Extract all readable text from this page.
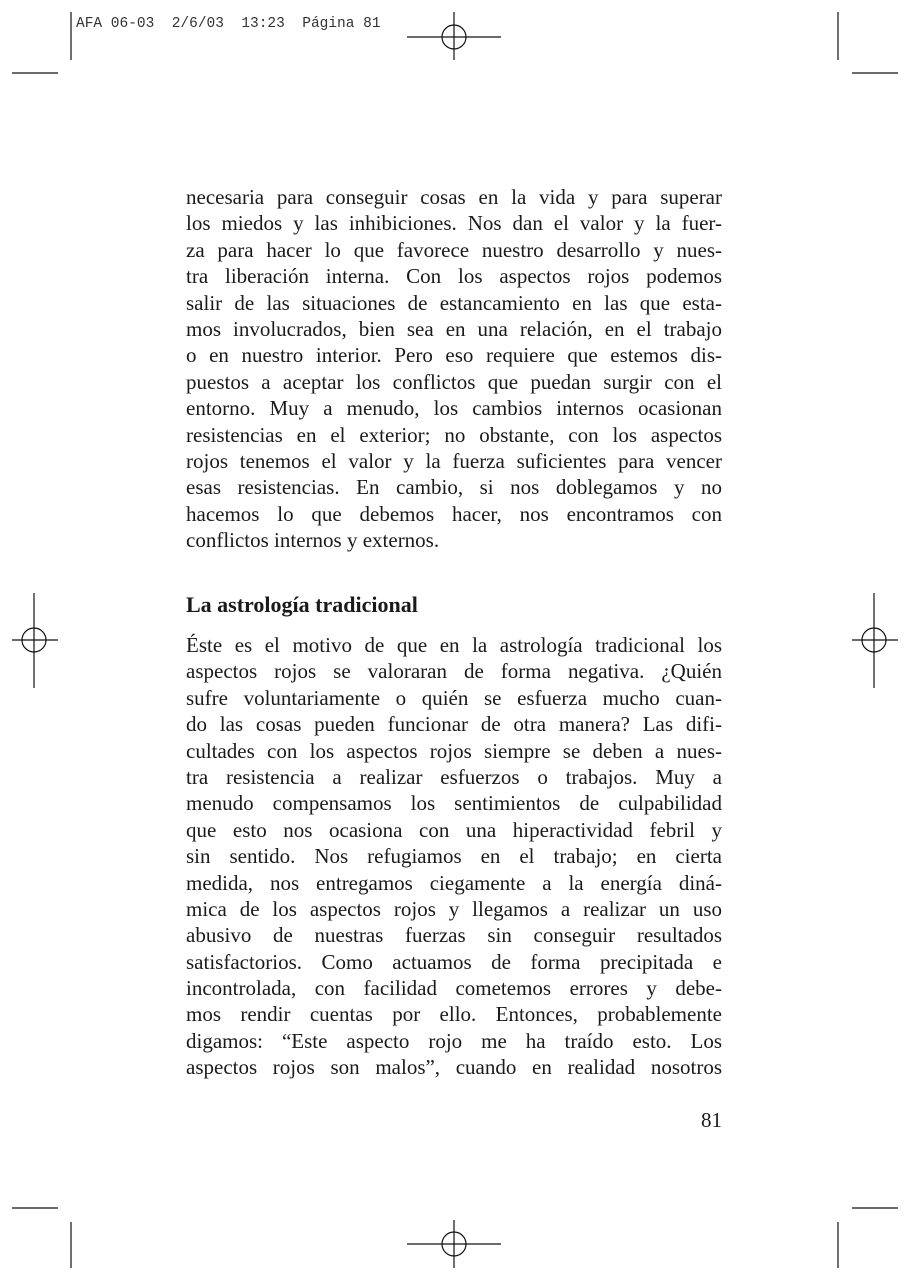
AFA 06-03  2/6/03  13:23  Página 81
necesaria para conseguir cosas en la vida y para superar
los miedos y las inhibiciones. Nos dan el valor y la fuer-
za para hacer lo que favorece nuestro desarrollo y nues-
tra liberación interna. Con los aspectos rojos podemos
salir de las situaciones de estancamiento en las que esta-
mos involucrados, bien sea en una relación, en el trabajo
o en nuestro interior. Pero eso requiere que estemos dis-
puestos a aceptar los conflictos que puedan surgir con el
entorno. Muy a menudo, los cambios internos ocasionan
resistencias en el exterior; no obstante, con los aspectos
rojos tenemos el valor y la fuerza suficientes para vencer
esas resistencias. En cambio, si nos doblegamos y no
hacemos lo que debemos hacer, nos encontramos con
conflictos internos y externos.
La astrología tradicional
Éste es el motivo de que en la astrología tradicional los
aspectos rojos se valoraran de forma negativa. ¿Quién
sufre voluntariamente o quién se esfuerza mucho cuan-
do las cosas pueden funcionar de otra manera? Las difi-
cultades con los aspectos rojos siempre se deben a nues-
tra resistencia a realizar esfuerzos o trabajos. Muy a
menudo compensamos los sentimientos de culpabilidad
que esto nos ocasiona con una hiperactividad febril y
sin sentido. Nos refugiamos en el trabajo; en cierta
medida, nos entregamos ciegamente a la energía diná-
mica de los aspectos rojos y llegamos a realizar un uso
abusivo de nuestras fuerzas sin conseguir resultados
satisfactorios. Como actuamos de forma precipitada e
incontrolada, con facilidad cometemos errores y debe-
mos rendir cuentas por ello. Entonces, probablemente
digamos: “Este aspecto rojo me ha traído esto. Los
aspectos rojos son malos”, cuando en realidad nosotros
81
